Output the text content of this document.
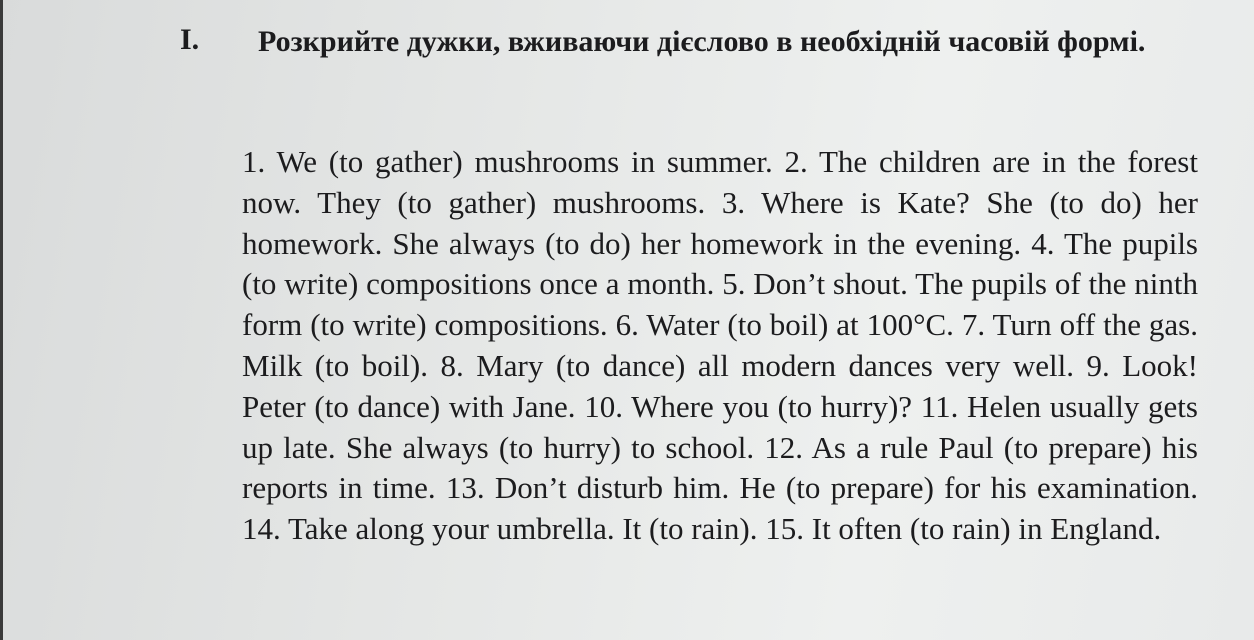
I. Розкрийте дужки, вживаючи дієслово в необхідній часовій формі.

1. We (to gather) mushrooms in summer. 2. The children are in the forest now. They (to gather) mushrooms. 3. Where is Kate? She (to do) her homework. She always (to do) her homework in the evening. 4. The pupils (to write) compositions once a month. 5. Don’t shout. The pupils of the ninth form (to write) compositions. 6. Water (to boil) at 100°C. 7. Turn off the gas. Milk (to boil). 8. Mary (to dance) all modern dances very well. 9. Look! Peter (to dance) with Jane. 10. Where you (to hurry)? 11. Helen usually gets up late. She always (to hurry) to school. 12. As a rule Paul (to prepare) his reports in time. 13. Don’t disturb him. He (to prepare) for his examination. 14. Take along your umbrella. It (to rain). 15. It often (to rain) in England.
